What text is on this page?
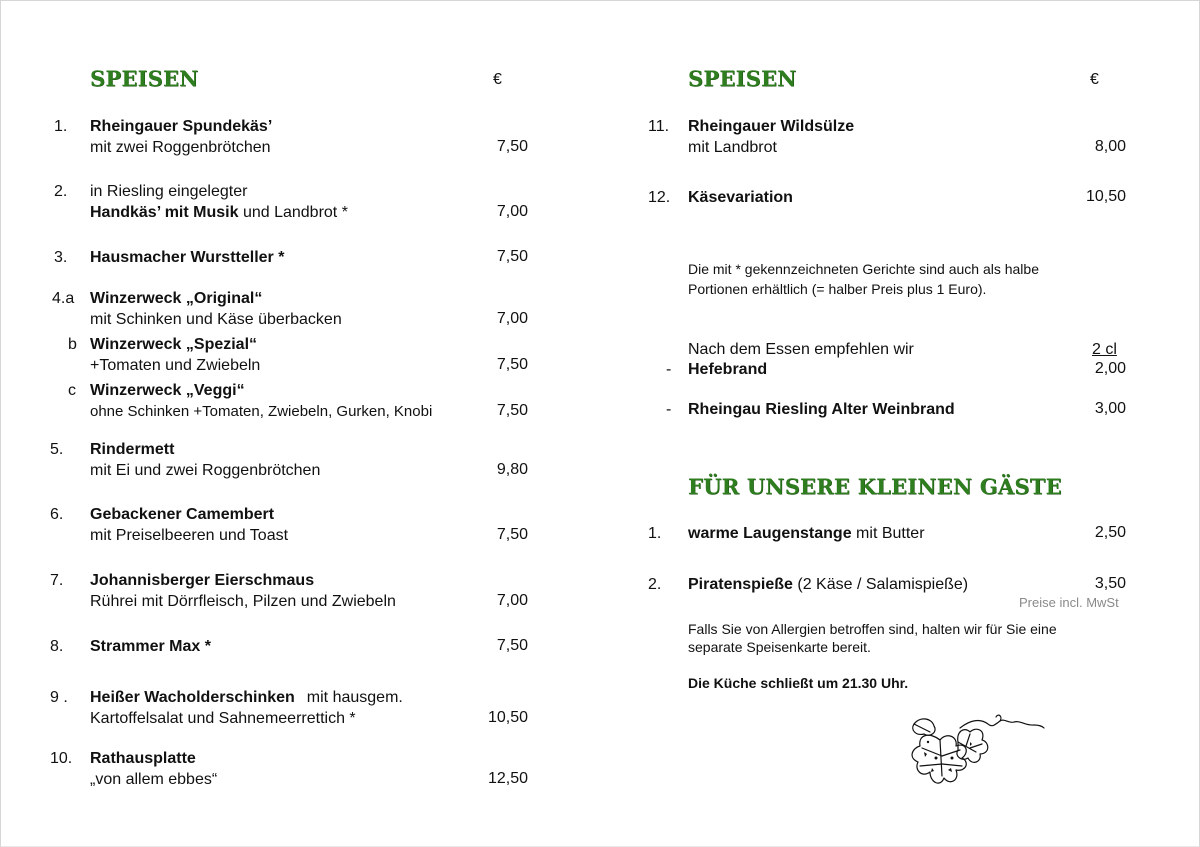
SPEISEN	€
1. Rheingauer Spundekäs’
mit zwei Roggenbrötchen	7,50
2. in Riesling eingelegter
Handkäs’ mit Musik und Landbrot *	7,00
3. Hausmacher Wurstteller *	7,50
4.a Winzerweck „Original“
mit Schinken und Käse überbacken	7,00
b Winzerweck „Spezial“
+Tomaten und Zwiebeln	7,50
c Winzerweck „Veggi“
ohne Schinken +Tomaten, Zwiebeln, Gurken, Knobi	7,50
5. Rindermett
mit Ei und zwei Roggenbrötchen	9,80
6. Gebackener Camembert
mit Preiselbeeren und Toast	7,50
7. Johannisberger Eierschmaus
Rührei mit Dörrfleisch, Pilzen und Zwiebeln	7,00
8. Strammer Max *	7,50
9 . Heißer Wacholderschinken mit hausgem.
Kartoffelsalat und Sahnemeerrettich *	10,50
10. Rathausplatte
„von allem ebbes“	12,50
SPEISEN	€
11. Rheingauer Wildsülze
mit Landbrot	8,00
12. Käsevariation	10,50
Die mit * gekennzeichneten Gerichte sind auch als halbe
Portionen erhältlich (= halber Preis plus 1 Euro).
Nach dem Essen empfehlen wir	2 cl
- Hefebrand	2,00
- Rheingau Riesling Alter Weinbrand	3,00
FÜR UNSERE KLEINEN GÄSTE
1. warme Laugenstange mit Butter	2,50
2. Piratenspieße (2 Käse / Salamispieße)	3,50
Preise incl. MwSt
Falls Sie von Allergien betroffen sind, halten wir für Sie eine
separate Speisenkarte bereit.
Die Küche schließt um 21.30 Uhr.
